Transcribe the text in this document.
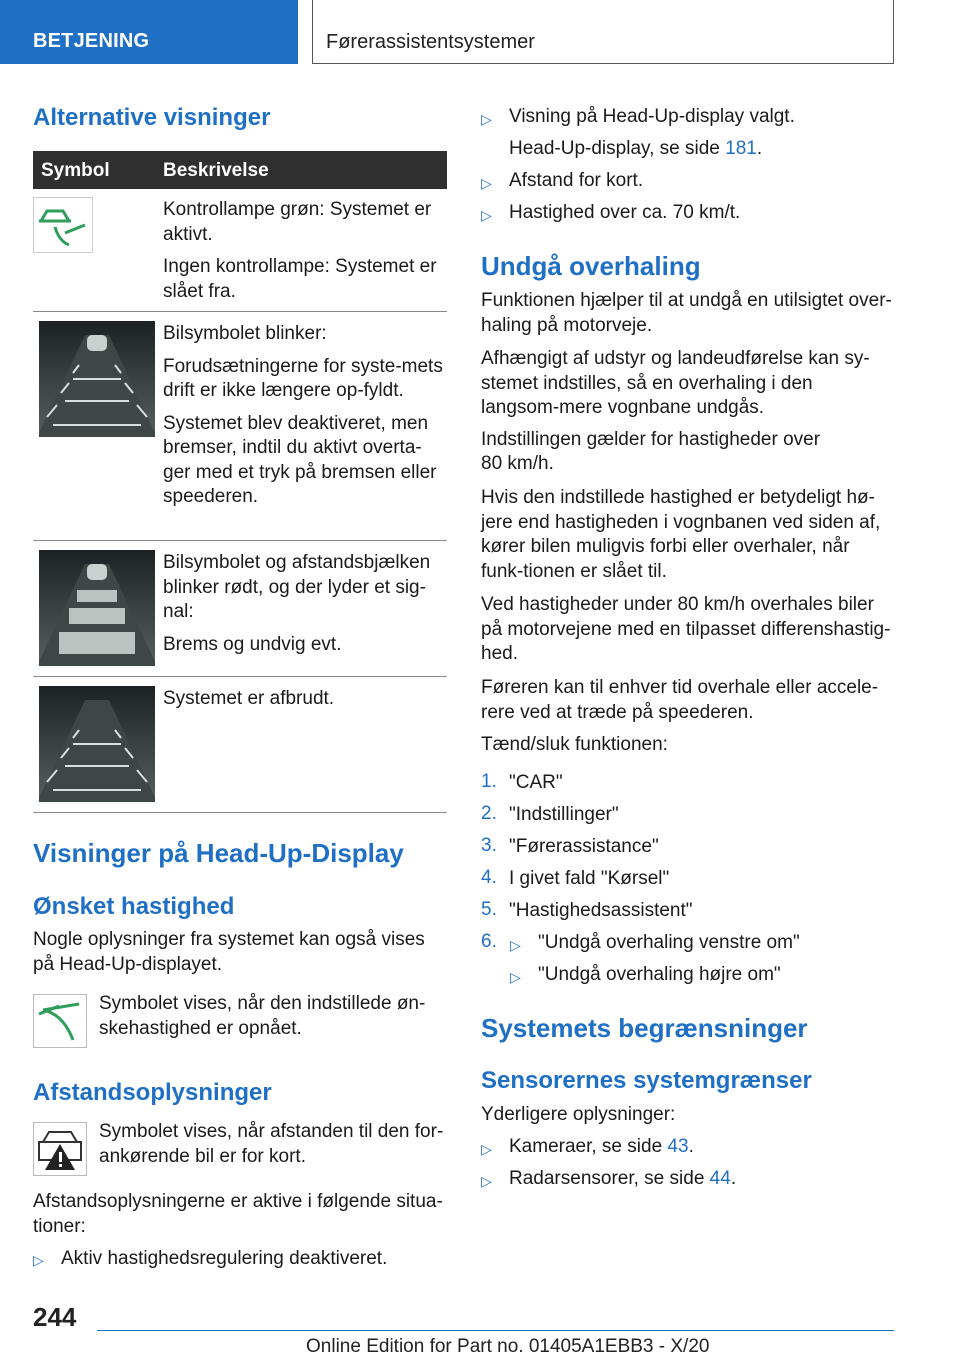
BETJENING	Førerassistentsystemer
Alternative visninger
Symbol	Beskrivelse

Kontrollampe grøn: Systemet er aktivt.

Ingen kontrollampe: Systemet er slået fra.

Bilsymbolet blinker:

Forudsætningerne for syste-mets drift er ikke længere op-fyldt.

Systemet blev deaktiveret, men bremser, indtil du aktivt overta-ger med et tryk på bremsen eller speederen.

Bilsymbolet og afstandsbjælken blinker rødt, og der lyder et sig-nal:

Brems og undvig evt.

Systemet er afbrudt.

Visninger på Head-Up-Display
Ønsket hastighed

Nogle oplysninger fra systemet kan også vises på Head-Up-displayet.

Symbolet vises, når den indstillede øn-skehastighed er opnået.

Afstandsoplysninger

Symbolet vises, når afstanden til den for-ankørende bil er for kort.

Afstandsoplysningerne er aktive i følgende situa-tioner:

▷ Aktiv hastighedsregulering deaktiveret.

▷ Visning på Head-Up-display valgt.

Head-Up-display, se side 181.

▷ Afstand for kort.

▷ Hastighed over ca. 70 km/t.

Undgå overhaling

Funktionen hjælper til at undgå en utilsigtet over-haling på motorveje.

Afhængigt af udstyr og landeudførelse kan sy-stemet indstilles, så en overhaling i den langsom-mere vognbane undgås.

Indstillingen gælder for hastigheder over

80 km/h.

Hvis den indstillede hastighed er betydeligt hø-jere end hastigheden i vognbanen ved siden af, kører bilen muligvis forbi eller overhaler, når funk-tionen er slået til.

Ved hastigheder under 80 km/h overhales biler på motorvejene med en tilpasset differenshastig-hed.

Føreren kan til enhver tid overhale eller accele-rere ved at træde på speederen.

Tænd/sluk funktionen:

1. "CAR"

2. "Indstillinger"

3. "Førerassistance"

4. I givet fald "Kørsel"

5. "Hastighedsassistent"

6. ▷ "Undgå overhaling venstre om"

▷ "Undgå overhaling højre om"

Systemets begrænsninger
Sensorernes systemgrænser

Yderligere oplysninger:

▷ Kameraer, se side 43.

▷ Radarsensorer, se side 44.

244
Online Edition for Part no. 01405A1EBB3 - X/20
